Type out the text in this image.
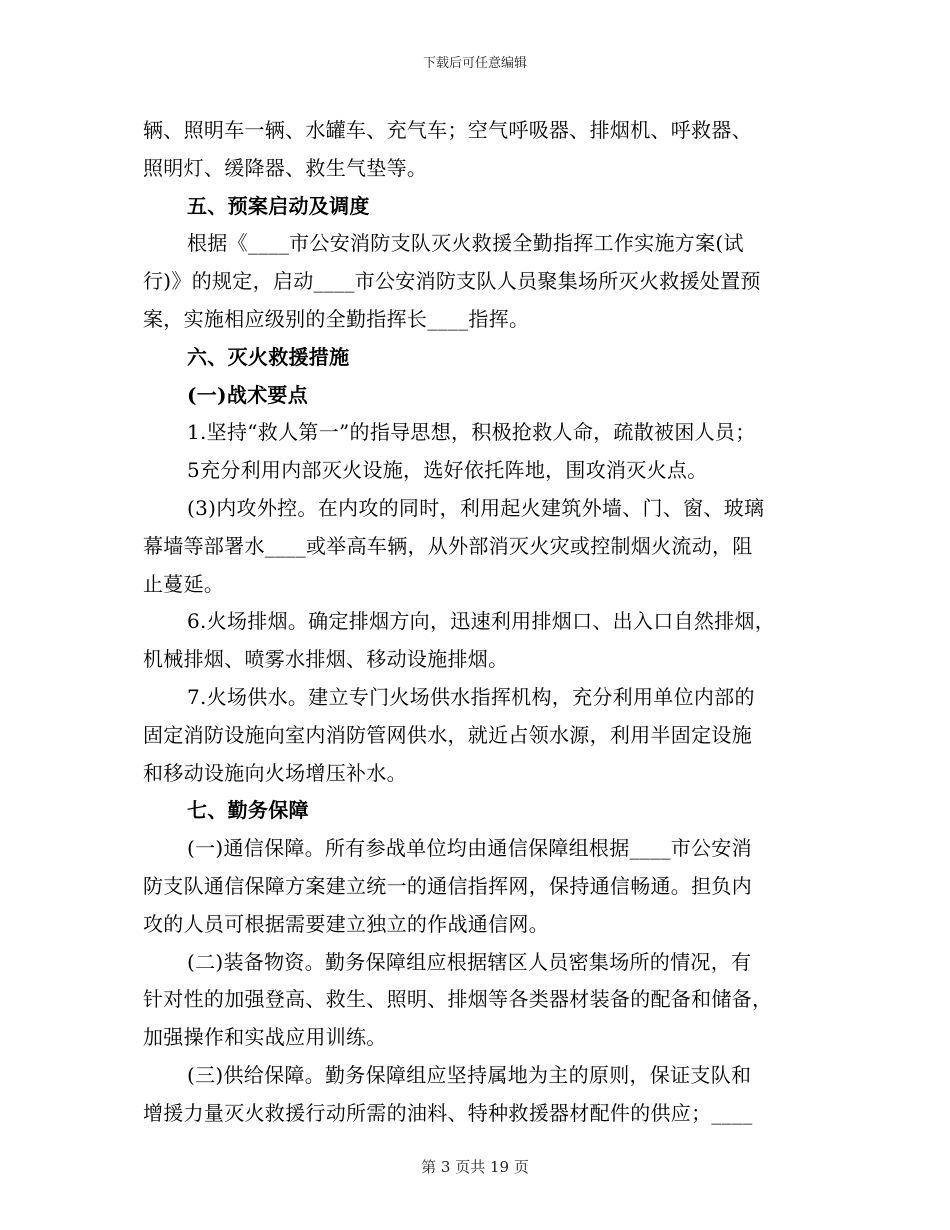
下载后可任意编辑
辆、照明车一辆、水罐车、充气车；空气呼吸器、排烟机、呼救器、
照明灯、缓降器、救生气垫等。
五、预案启动及调度
根据《____市公安消防支队灭火救援全勤指挥工作实施方案(试
行)》的规定，启动____市公安消防支队人员聚集场所灭火救援处置预
案，实施相应级别的全勤指挥长____指挥。
六、灭火救援措施
(一)战术要点
1.坚持“救人第一”的指导思想，积极抢救人命，疏散被困人员；
5充分利用内部灭火设施，选好依托阵地，围攻消灭火点。
(3)内攻外控。在内攻的同时，利用起火建筑外墙、门、窗、玻璃
幕墙等部署水____或举高车辆，从外部消灭火灾或控制烟火流动，阻
止蔓延。
6.火场排烟。确定排烟方向，迅速利用排烟口、出入口自然排烟，
机械排烟、喷雾水排烟、移动设施排烟。
7.火场供水。建立专门火场供水指挥机构，充分利用单位内部的
固定消防设施向室内消防管网供水，就近占领水源，利用半固定设施
和移动设施向火场增压补水。
七、勤务保障
(一)通信保障。所有参战单位均由通信保障组根据____市公安消
防支队通信保障方案建立统一的通信指挥网，保持通信畅通。担负内
攻的人员可根据需要建立独立的作战通信网。
(二)装备物资。勤务保障组应根据辖区人员密集场所的情况，有
针对性的加强登高、救生、照明、排烟等各类器材装备的配备和储备，
加强操作和实战应用训练。
(三)供给保障。勤务保障组应坚持属地为主的原则，保证支队和
增援力量灭火救援行动所需的油料、特种救援器材配件的供应；____
第 3 页共 19 页
